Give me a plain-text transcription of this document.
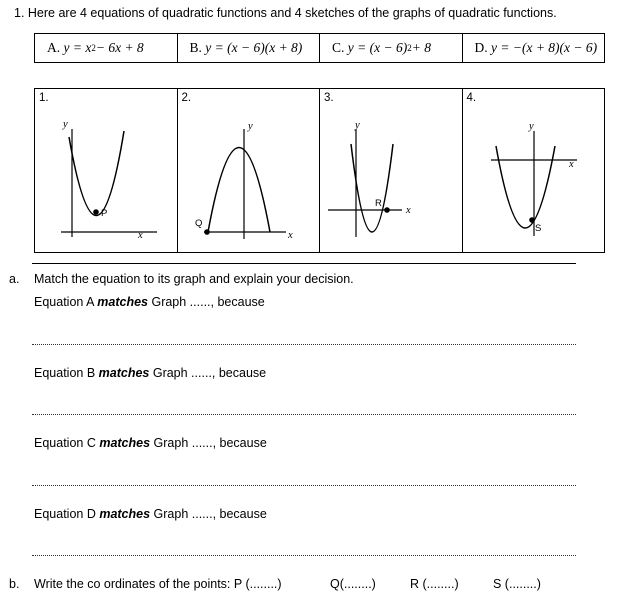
1. Here are 4 equations of quadratic functions and 4 sketches of the graphs of quadratic functions.
A.
y = x 2 − 6x + 8	B.
y = (x − 6)(x + 8) C.
y = (x − 6) 2 + 8	D.
y = −(x + 8)(x − 6)
1.
y
x
P
2.
y
x
Q
3.
y
x
R
4.
y
x
S
a. Match the equation to its graph and explain your decision.
Equation A matches Graph ......, because
Equation B matches Graph ......, because
Equation C matches Graph ......, because
Equation D matches Graph ......, because
b. Write the co ordinates of the points: P (........)	Q(........)	R (........)	S (........)
